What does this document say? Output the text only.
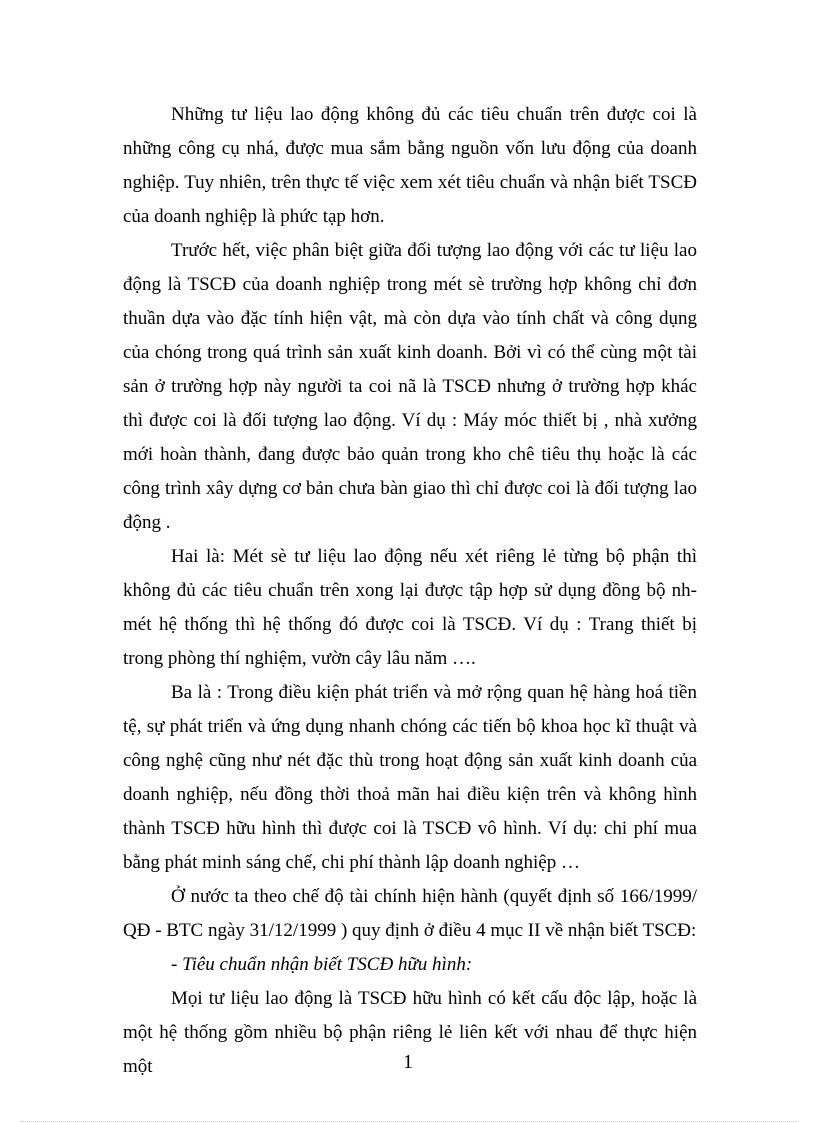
Những tư liệu lao động không đủ các tiêu chuẩn trên được coi là những công cụ nhá, được mua sắm bằng nguồn vốn lưu động của doanh nghiệp. Tuy nhiên, trên thực tế việc xem xét tiêu chuẩn và nhận biết TSCĐ của doanh nghiệp là phức tạp hơn.

Trước hết, việc phân biệt giữa đối tượng lao động với các tư liệu lao động là TSCĐ của doanh nghiệp trong mét sè trường hợp không chỉ đơn thuần dựa vào đặc tính hiện vật, mà còn dựa vào tính chất và công dụng của chóng trong quá trình sản xuất kinh doanh. Bởi vì có thể cùng một tài sản ở trường hợp này người ta coi nã là TSCĐ nhưng ở trường hợp khác thì được coi là đối tượng lao động. Ví dụ : Máy móc thiết bị , nhà xưởng mới hoàn thành, đang được bảo quản trong kho chê tiêu thụ hoặc là các công trình xây dựng cơ bản chưa bàn giao thì chỉ được coi là đối tượng lao động .

Hai là: Mét sè tư liệu lao động nếu xét riêng lẻ từng bộ phận thì không đủ các tiêu chuẩn trên xong lại được tập hợp sử dụng đồng bộ nh mét hệ thống thì hệ thống đó được coi là TSCĐ. Ví dụ : Trang thiết bị trong phòng thí nghiệm, vườn cây lâu năm ….

Ba là : Trong điều kiện phát triển và mở rộng quan hệ hàng hoá tiền tệ, sự phát triển và ứng dụng nhanh chóng các tiến bộ khoa học kĩ thuật và công nghệ cũng như nét đặc thù trong hoạt động sản xuất kinh doanh của doanh nghiệp, nếu đồng thời thoả mãn hai điều kiện trên và không hình thành TSCĐ hữu hình thì được coi là TSCĐ vô hình. Ví dụ: chi phí mua bằng phát minh sáng chế, chi phí thành lập doanh nghiệp …

Ở nước ta theo chế độ tài chính hiện hành (quyết định số 166/1999/ QĐ - BTC ngày 31/12/1999 ) quy định ở điều 4 mục II về nhận biết TSCĐ:

- Tiêu chuẩn nhận biết TSCĐ hữu hình:

Mọi tư liệu lao động là TSCĐ hữu hình có kết cấu độc lập, hoặc là một hệ thống gồm nhiều bộ phận riêng lẻ liên kết với nhau để thực hiện một	1
